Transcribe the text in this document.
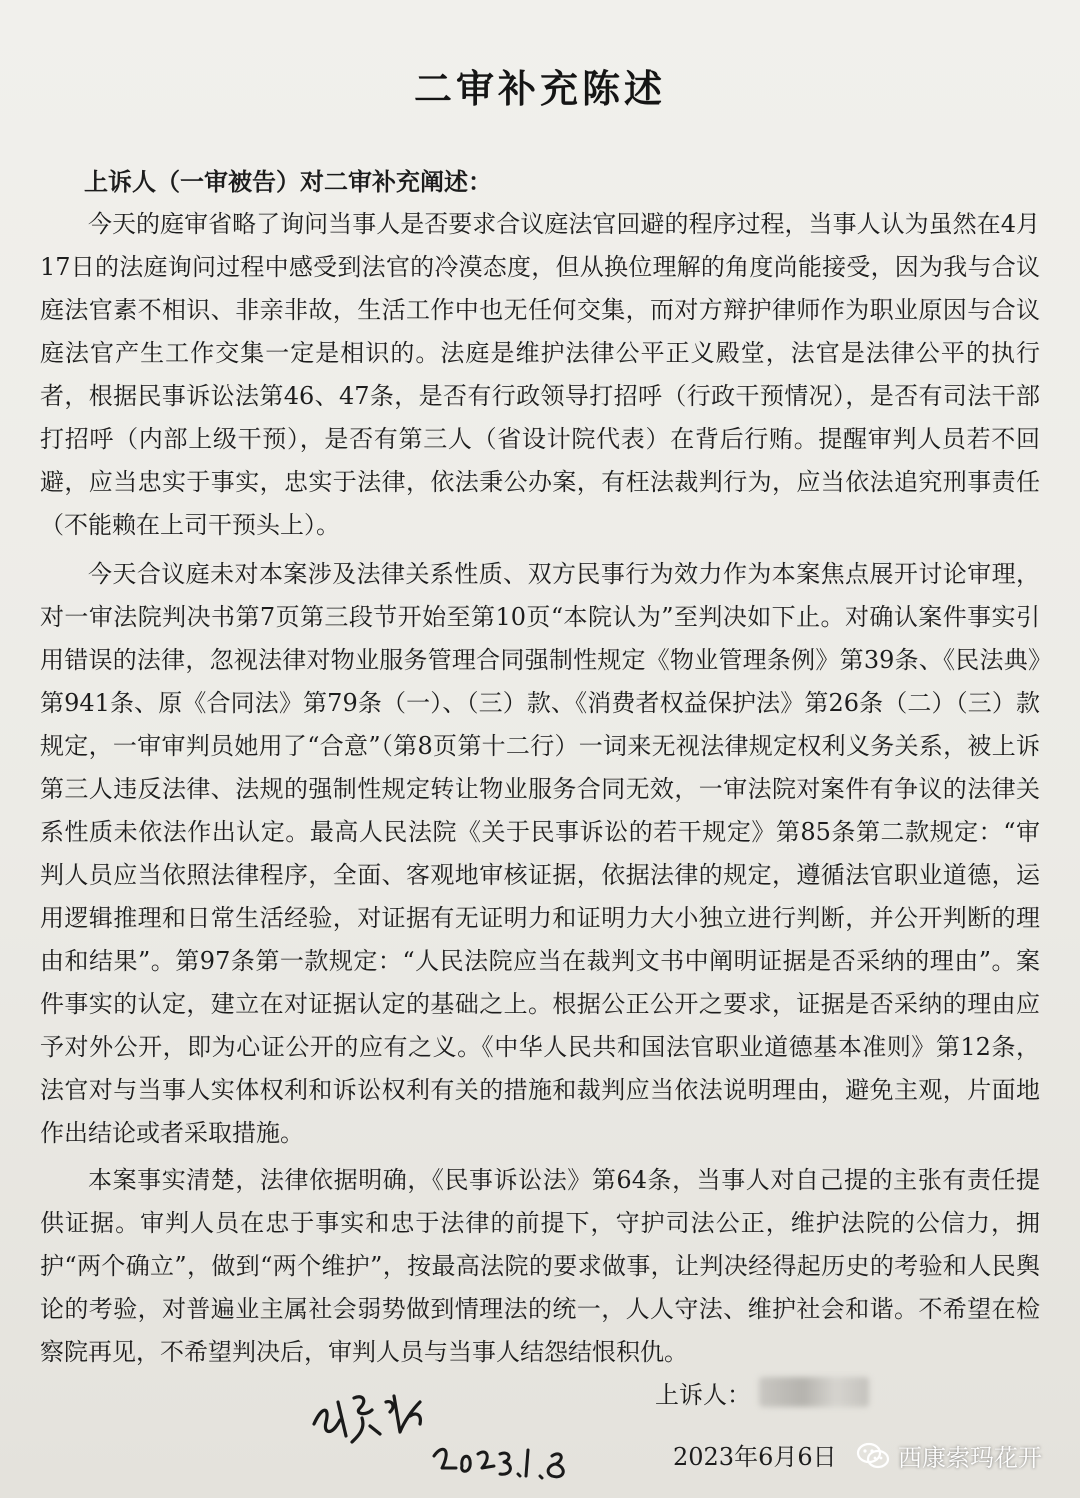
二审补充陈述

上诉人（一审被告）对二审补充阐述：

今天的庭审省略了询问当事人是否要求合议庭法官回避的程序过程，当事人认为虽然在4月17日的法庭询问过程中感受到法官的冷漠态度，但从换位理解的角度尚能接受，因为我与合议庭法官素不相识、非亲非故，生活工作中也无任何交集，而对方辩护律师作为职业原因与合议庭法官产生工作交集一定是相识的。法庭是维护法律公平正义殿堂，法官是法律公平的执行者，根据民事诉讼法第46、47条，是否有行政领导打招呼（行政干预情况），是否有司法干部打招呼（内部上级干预），是否有第三人（省设计院代表）在背后行贿。提醒审判人员若不回避，应当忠实于事实，忠实于法律，依法秉公办案，有枉法裁判行为，应当依法追究刑事责任（不能赖在上司干预头上）。

今天合议庭未对本案涉及法律关系性质、双方民事行为效力作为本案焦点展开讨论审理，对一审法院判决书第7页第三段节开始至第10页“本院认为”至判决如下止。对确认案件事实引用错误的法律，忽视法律对物业服务管理合同强制性规定《物业管理条例》第39条、《民法典》第941条、原《合同法》第79条（一）、（三）款、《消费者权益保护法》第26条（二）（三）款规定，一审审判员她用了“合意”（第8页第十二行）一词来无视法律规定权利义务关系，被上诉第三人违反法律、法规的强制性规定转让物业服务合同无效，一审法院对案件有争议的法律关系性质未依法作出认定。最高人民法院《关于民事诉讼的若干规定》第85条第二款规定：“审判人员应当依照法律程序，全面、客观地审核证据，依据法律的规定，遵循法官职业道德，运用逻辑推理和日常生活经验，对证据有无证明力和证明力大小独立进行判断，并公开判断的理由和结果”。第97条第一款规定：“人民法院应当在裁判文书中阐明证据是否采纳的理由”。案件事实的认定，建立在对证据认定的基础之上。根据公正公开之要求，证据是否采纳的理由应予对外公开，即为心证公开的应有之义。《中华人民共和国法官职业道德基本准则》第12条，法官对与当事人实体权利和诉讼权利有关的措施和裁判应当依法说明理由，避免主观，片面地作出结论或者采取措施。

本案事实清楚，法律依据明确，《民事诉讼法》第64条，当事人对自己提的主张有责任提供证据。审判人员在忠于事实和忠于法律的前提下，守护司法公正，维护法院的公信力，拥护“两个确立”，做到“两个维护”，按最高法院的要求做事，让判决经得起历史的考验和人民舆论的考验，对普遍业主属社会弱势做到情理法的统一，人人守法、维护社会和谐。不希望在检察院再见，不希望判决后，审判人员与当事人结怨结恨积仇。

上诉人：
2023年6月6日	西康索玛花开
